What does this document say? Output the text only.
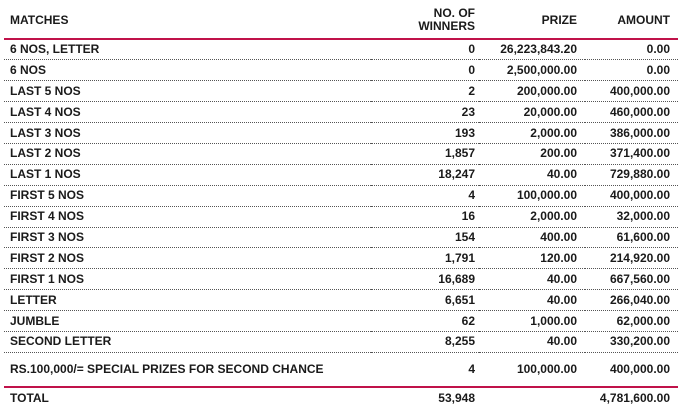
MATCHES	NO. OF WINNERS	PRIZE	AMOUNT
6 NOS, LETTER	0	26,223,843.20	0.00
6 NOS	0	2,500,000.00	0.00
LAST 5 NOS	2	200,000.00	400,000.00
LAST 4 NOS	23	20,000.00	460,000.00
LAST 3 NOS	193	2,000.00	386,000.00
LAST 2 NOS	1,857	200.00	371,400.00
LAST 1 NOS	18,247	40.00	729,880.00
FIRST 5 NOS	4	100,000.00	400,000.00
FIRST 4 NOS	16	2,000.00	32,000.00
FIRST 3 NOS	154	400.00	61,600.00
FIRST 2 NOS	1,791	120.00	214,920.00
FIRST 1 NOS	16,689	40.00	667,560.00
LETTER	6,651	40.00	266,040.00
JUMBLE	62	1,000.00	62,000.00
SECOND LETTER	8,255	40.00	330,200.00
RS.100,000/= SPECIAL PRIZES FOR SECOND CHANCE	4	100,000.00	400,000.00
TOTAL	53,948		4,781,600.00
